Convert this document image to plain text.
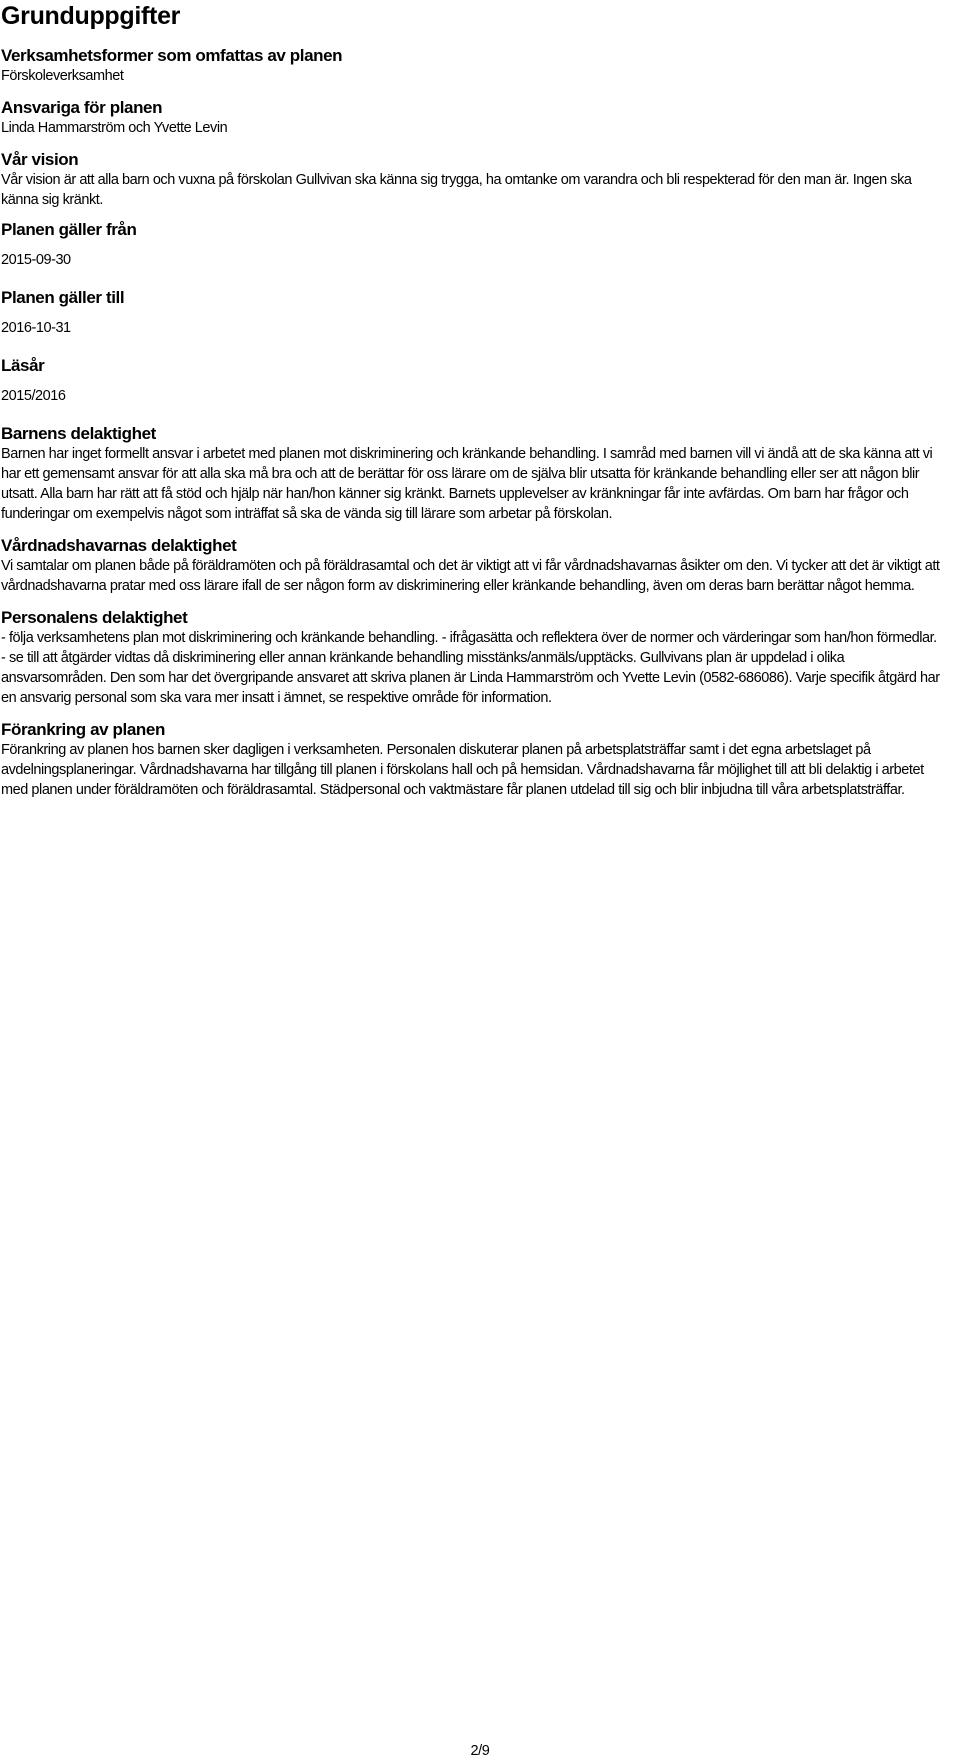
Grunduppgifter
Verksamhetsformer som omfattas av planen
Förskoleverksamhet
Ansvariga för planen
Linda Hammarström och Yvette Levin
Vår vision
Vår vision är att alla barn och vuxna på förskolan Gullvivan ska känna sig trygga, ha omtanke om varandra och bli respekterad för den man är. Ingen ska känna sig kränkt.
Planen gäller från
2015-09-30
Planen gäller till
2016-10-31
Läsår
2015/2016
Barnens delaktighet
Barnen har inget formellt ansvar i arbetet med planen mot diskriminering och kränkande behandling. I samråd med barnen vill vi ändå att de ska känna att vi har ett gemensamt ansvar för att alla ska må bra och att de berättar för oss lärare om de själva blir utsatta för kränkande behandling eller ser att någon blir utsatt. Alla barn har rätt att få stöd och hjälp när han/hon känner sig kränkt. Barnets upplevelser av kränkningar får inte avfärdas. Om barn har frågor och funderingar om exempelvis något som inträffat så ska de vända sig till lärare som arbetar på förskolan.
Vårdnadshavarnas delaktighet
Vi samtalar om planen både på föräldramöten och på föräldrasamtal och det är viktigt att vi får vårdnadshavarnas åsikter om den. Vi tycker att det är viktigt att vårdnadshavarna pratar med oss lärare ifall de ser någon form av diskriminering eller kränkande behandling, även om deras barn berättar något hemma.
Personalens delaktighet
- följa verksamhetens plan mot diskriminering och kränkande behandling. - ifrågasätta och reflektera över de normer och värderingar som han/hon förmedlar. - se till att åtgärder vidtas då diskriminering eller annan kränkande behandling misstänks/anmäls/upptäcks. Gullvivans plan är uppdelad i olika ansvarsområden. Den som har det övergripande ansvaret att skriva planen är Linda Hammarström och Yvette Levin (0582-686086). Varje specifik åtgärd har en ansvarig personal som ska vara mer insatt i ämnet, se respektive område för information.
Förankring av planen
Förankring av planen hos barnen sker dagligen i verksamheten. Personalen diskuterar planen på arbetsplatsträffar samt i det egna arbetslaget på avdelningsplaneringar. Vårdnadshavarna har tillgång till planen i förskolans hall och på hemsidan. Vårdnadshavarna får möjlighet till att bli delaktig i arbetet med planen under föräldramöten och föräldrasamtal. Städpersonal och vaktmästare får planen utdelad till sig och blir inbjudna till våra arbetsplatsträffar.
2/9
